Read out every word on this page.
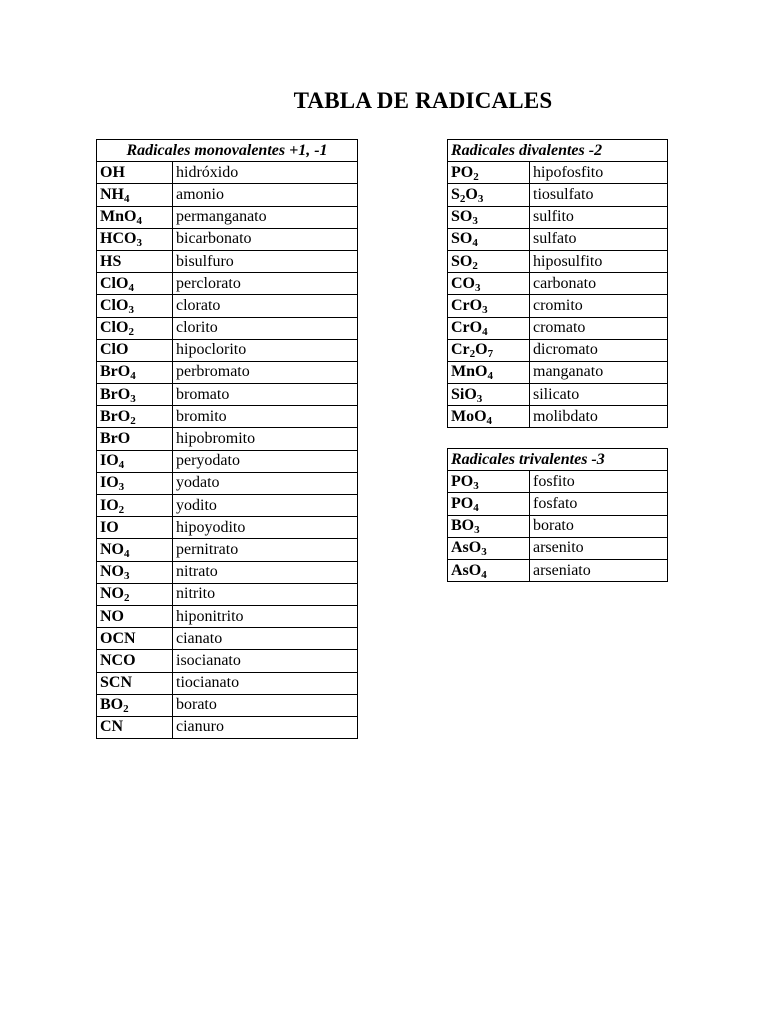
TABLA DE RADICALES
Radicales monovalentes +1, -1	
OH	hidróxido
$NH_4$	amonio
MnO$_4$	permanganato
$HCO_3$	bicarbonato
HS	bisulfuro
ClO$_4$	perclorato
ClO$_3$	clorato
ClO$_2$	clorito
ClO	hipoclorito
BrO$_4$	perbromato
BrO$_3$	bromato
BrO$_2$	bromito
BrO	hipobromito
$IO_4$	peryodato
$IO_3$	yodato
$IO_2$	yodito
IO	hipoyodito
$NO_4$	pernitrato
$NO_3$	nitrato
$NO_2$	nitrito
NO	hiponitrito
OCN	cianato
NCO	isocianato
SCN	tiocianato
$BO_2$	borato
CN	cianuro
Radicales divalentes -2	
$PO_2$	hipofosfito
$S_2O_3$	tiosulfato
$SO_3$	sulfito
$SO_4$	sulfato
$SO_2$	hiposulfito
$CO_3$	carbonato
CrO$_3$	cromito
CrO$_4$	cromato
$Cr_2O_7$	dicromato
MnO$_4$	manganato
SiO$_3$	silicato
MoO$_4$	molibdato
Radicales trivalentes -3	
$PO_3$	fosfito
$PO_4$	fosfato
$BO_3$	borato
AsO$_3$	arsenito
AsO$_4$	arseniato
